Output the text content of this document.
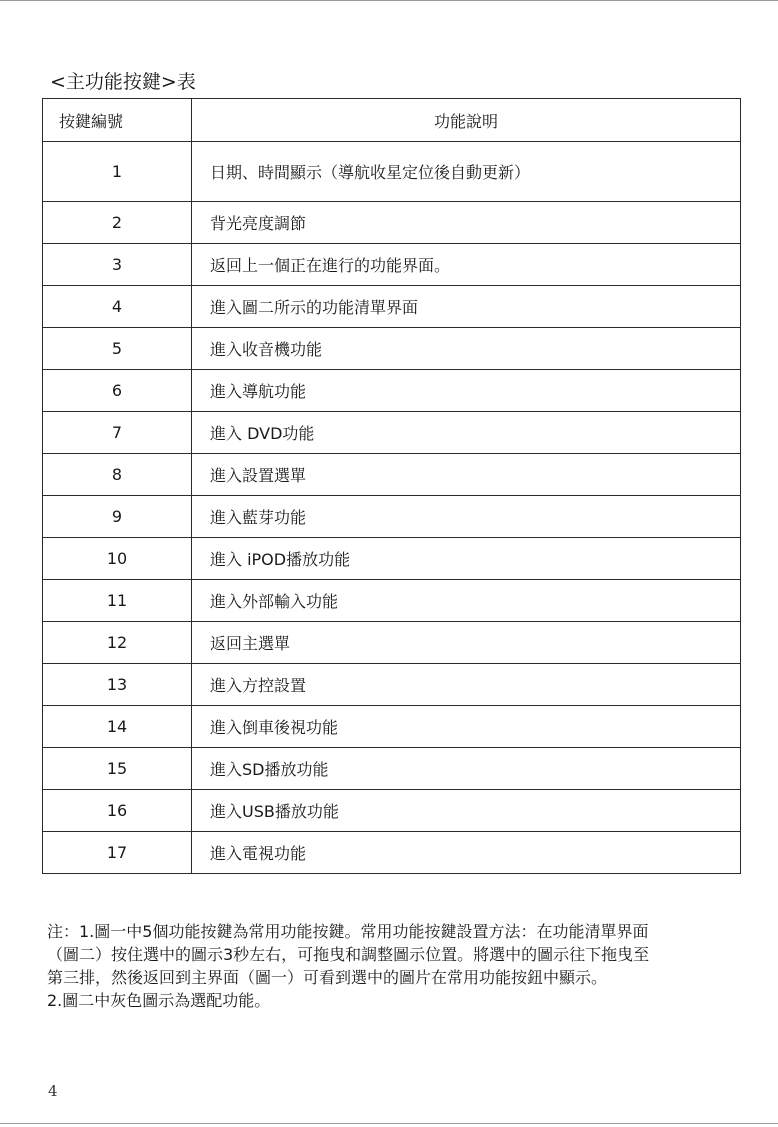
<主功能按鍵>表
按鍵編號	功能說明
1	日期、時間顯示（導航收星定位後自動更新）
2	背光亮度調節
3	返回上一個正在進行的功能界面。
4	進入圖二所示的功能清單界面
5	進入收音機功能
6	進入導航功能
7	進入 DVD功能
8	進入設置選單
9	進入藍芽功能
10	進入 iPOD播放功能
11	進入外部輸入功能
12	返回主選單
13	進入方控設置
14	進入倒車後視功能
15	進入SD播放功能
16	進入USB播放功能
17	進入電視功能

注：1.圖一中5個功能按鍵為常用功能按鍵。常用功能按鍵設置方法：在功能清單界面

（圖二）按住選中的圖示3秒左右，可拖曳和調整圖示位置。將選中的圖示往下拖曳至

第三排，然後返回到主界面（圖一）可看到選中的圖片在常用功能按鈕中顯示。

2.圖二中灰色圖示為選配功能。

4
